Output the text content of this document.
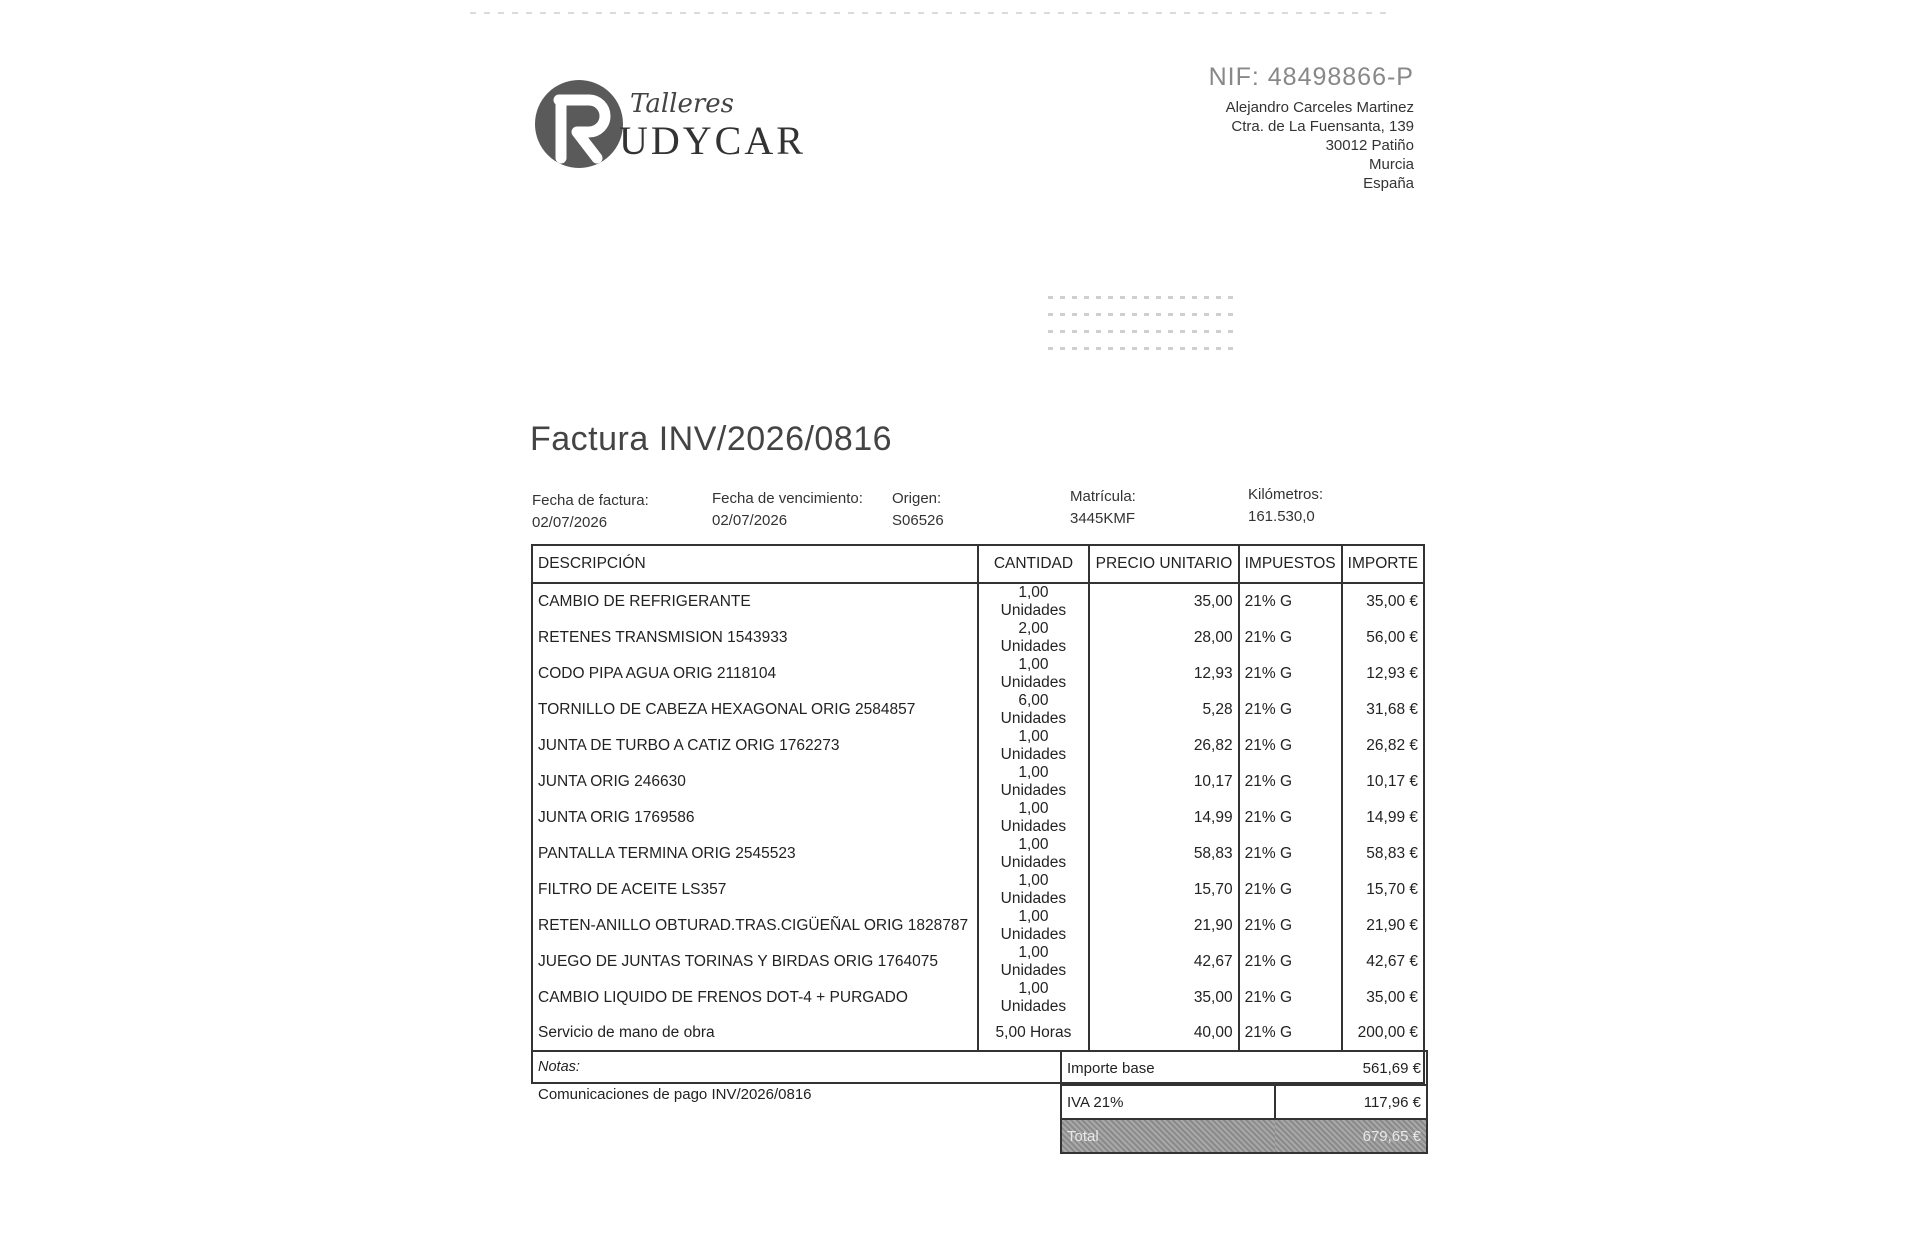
Talleres
UDYCAR
NIF: 48498866-P
Alejandro Carceles Martinez
Ctra. de La Fuensanta, 139
30012 Patiño
Murcia
España
Factura INV/2026/0816
Fecha de factura:
02/07/2026
Fecha de vencimiento:
02/07/2026
Origen:
S06526
Matrícula:
3445KMF
Kilómetros:
161.530,0
DESCRIPCIÓN	CANTIDAD	PRECIO UNITARIO	IMPUESTOS	IMPORTE
CAMBIO DE REFRIGERANTE	1,00 Unidades	35,00	21% G	35,00 €
RETENES TRANSMISION 1543933	2,00 Unidades	28,00	21% G	56,00 €
CODO PIPA AGUA ORIG 2118104	1,00 Unidades	12,93	21% G	12,93 €
TORNILLO DE CABEZA HEXAGONAL ORIG 2584857	6,00 Unidades	5,28	21% G	31,68 €
JUNTA DE TURBO A CATIZ ORIG 1762273	1,00 Unidades	26,82	21% G	26,82 €
JUNTA ORIG 246630	1,00 Unidades	10,17	21% G	10,17 €
JUNTA ORIG 1769586	1,00 Unidades	14,99	21% G	14,99 €
PANTALLA TERMINA ORIG 2545523	1,00 Unidades	58,83	21% G	58,83 €
FILTRO DE ACEITE LS357	1,00 Unidades	15,70	21% G	15,70 €
RETEN-ANILLO OBTURAD.TRAS.CIGÜEÑAL ORIG 1828787	1,00 Unidades	21,90	21% G	21,90 €
JUEGO DE JUNTAS TORINAS Y BIRDAS ORIG 1764075	1,00 Unidades	42,67	21% G	42,67 €
CAMBIO LIQUIDO DE FRENOS DOT-4 + PURGADO	1,00 Unidades	35,00	21% G	35,00 €
Servicio de mano de obra	5,00 Horas	40,00	21% G	200,00 €
Notas:				
Comunicaciones de pago INV/2026/0816
Importe base	561,69 €
IVA 21%	117,96 €
Total	679,65 €
